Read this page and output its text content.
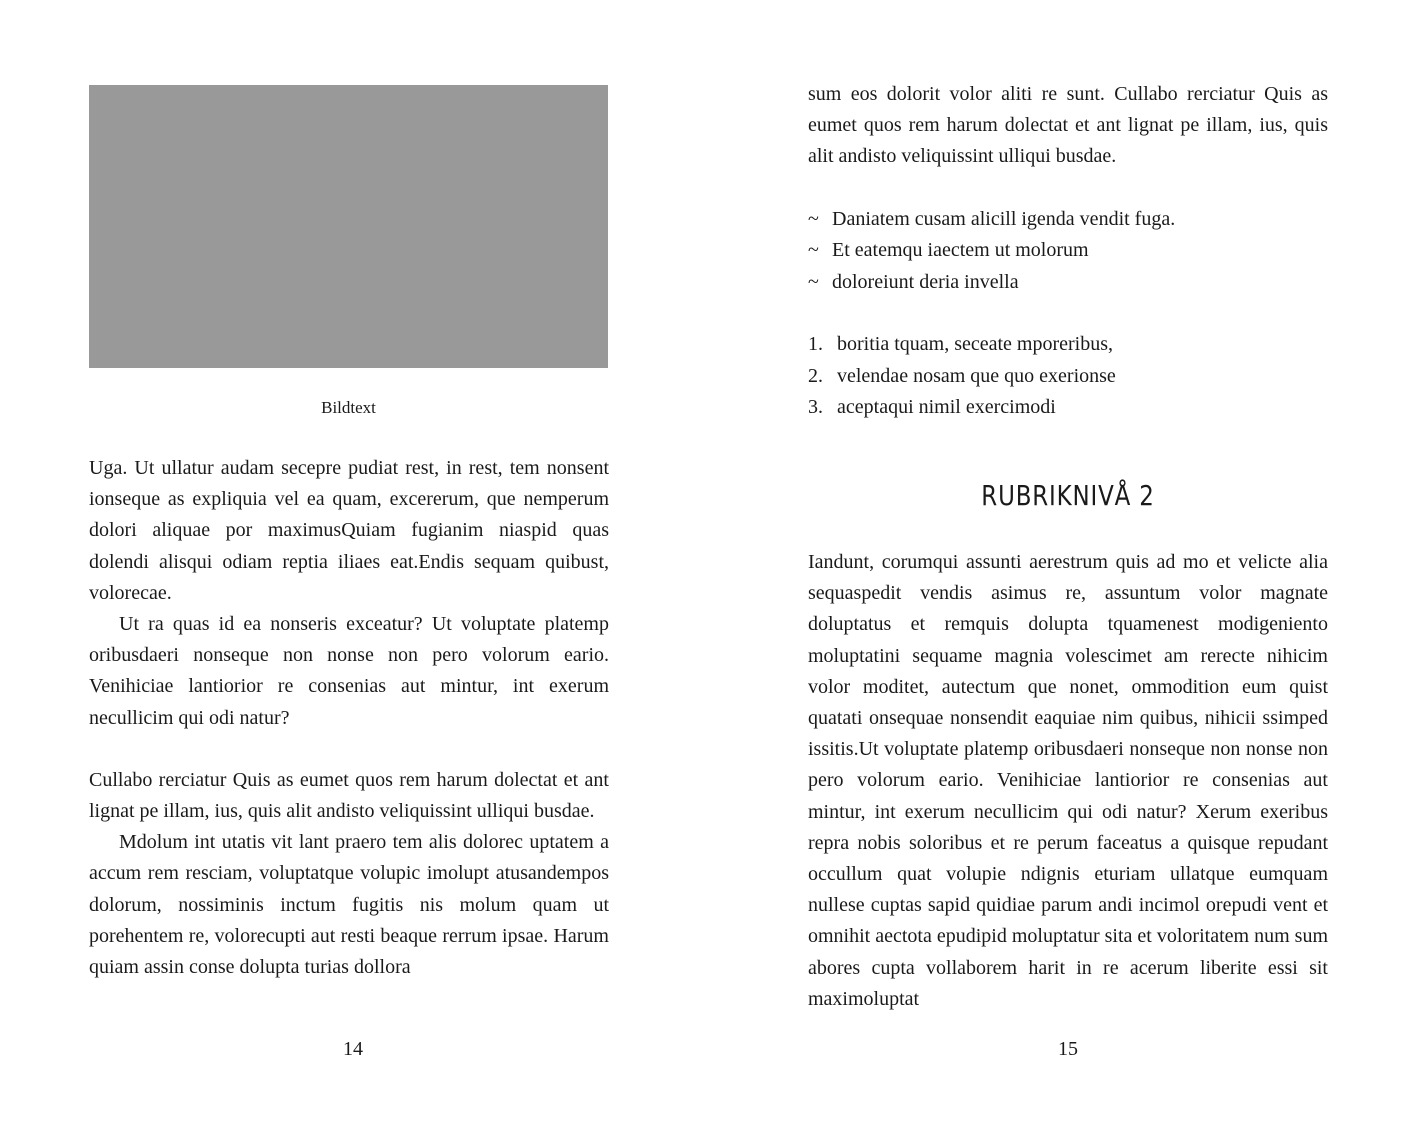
Bildtext

Uga. Ut ullatur audam secepre pudiat rest, in rest, tem nonsent ionseque as expliquia vel ea quam, excererum, que nemperum dolori aliquae por maximusQuiam fugianim niaspid quas dolendi alisqui odiam reptia iliaes eat.Endis sequam quibust, volorecae.

Ut ra quas id ea nonseris exceatur? Ut voluptate platemp oribusdaeri nonseque non nonse non pero volorum eario. Venihiciae lantiorior re consenias aut mintur, int exerum necullicim qui odi natur?

Cullabo rerciatur Quis as eumet quos rem harum dolectat et ant lignat pe illam, ius, quis alit andisto veliquissint ulliqui busdae.

Mdolum int utatis vit lant praero tem alis dolorec uptatem a accum rem resciam, voluptatque volupic imolupt atusandempos dolorum, nossiminis inctum fugitis nis molum quam ut porehentem re, volorecupti aut resti beaque rerrum ipsae. Harum quiam assin conse dolupta turias dollora

14

sum eos dolorit volor aliti re sunt. Cullabo rerciatur Quis as eumet quos rem harum dolectat et ant lignat pe illam, ius, quis alit andisto veliquissint ulliqui busdae.

~ Daniatem cusam alicill igenda vendit fuga.
~ Et eatemqu iaectem ut molorum
~ doloreiunt deria invella
1. boritia tquam, seceate mporeribus,
2. velendae nosam que quo exerionse
3. aceptaqui nimil exercimodi
RUBRIKNIVÅ 2

Iandunt, corumqui assunti aerestrum quis ad mo et velicte alia sequaspedit vendis asimus re, assuntum volor magnate doluptatus et remquis dolupta tquamenest modigeniento moluptatini sequame magnia volescimet am rerecte nihicim volor moditet, autectum que nonet, ommodition eum quist quatati onsequae nonsendit eaquiae nim quibus, nihicii ssimped issitis.Ut voluptate platemp oribusdaeri nonseque non nonse non pero volorum eario. Venihiciae lantiorior re consenias aut mintur, int exerum necullicim qui odi natur? Xerum exeribus repra nobis soloribus et re perum faceatus a quisque repudant occullum quat volupie ndignis eturiam ullatque eumquam nullese cuptas sapid quidiae parum andi incimol orepudi vent et omnihit aectota epudipid moluptatur sita et voloritatem num sum abores cupta vollaborem harit in re acerum liberite essi sit maximoluptat

15
